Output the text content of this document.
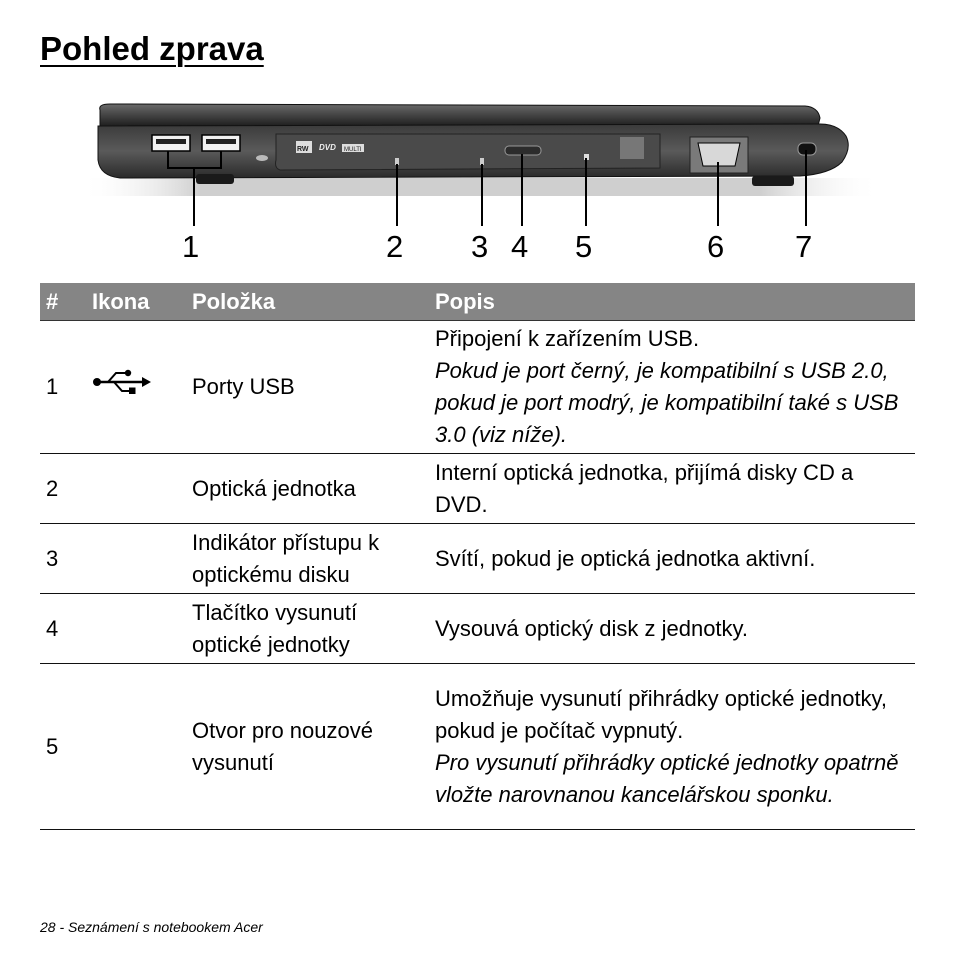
Pohled zprava
RW DVD MULTI
1	2 3 4 5	6 7
#	Ikona	Položka	Popis
1		Porty USB	Připojení k zařízením USB.
Pokud je port černý, je kompatibilní s USB 2.0, pokud je port modrý, je kompatibilní také s USB 3.0 (viz níže).

2		Optická jednotka	Interní optická jednotka, přijímá disky CD a DVD.
3		Indikátor přístupu k optickému disku	Svítí, pokud je optická jednotka aktivní.
4		Tlačítko vysunutí optické jednotky	Vysouvá optický disk z jednotky.
5		Otvor pro nouzové vysunutí	Umožňuje vysunutí přihrádky optické jednotky, pokud je počítač vypnutý.
Pro vysunutí přihrádky optické jednotky opatrně vložte narovnanou kancelářskou sponku.
28 - Seznámení s notebookem Acer
